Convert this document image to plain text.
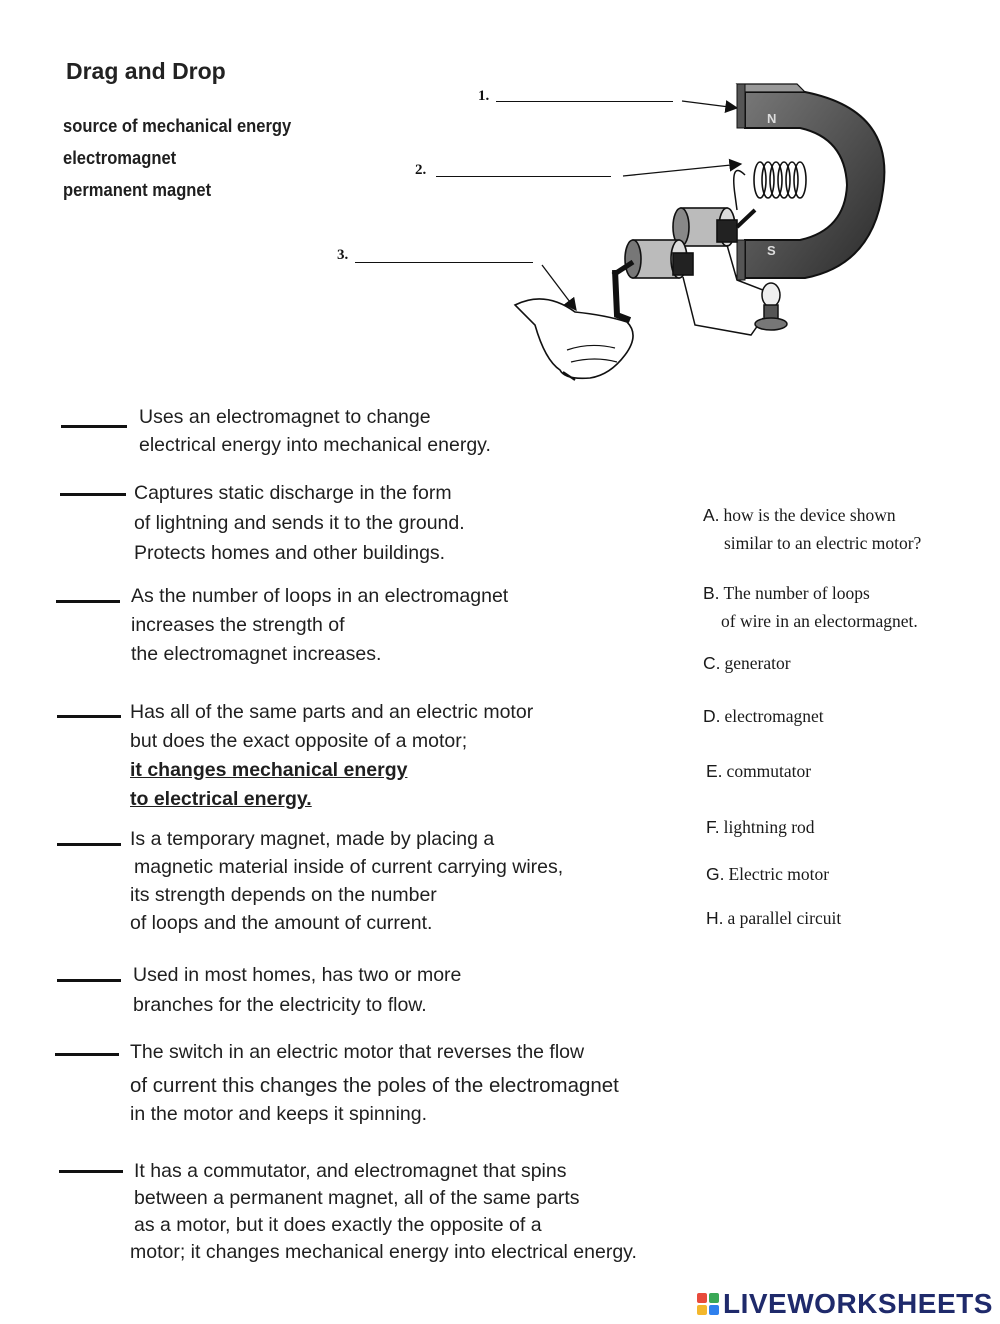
Drag and Drop
source of mechanical energy
electromagnet
permanent magnet
1.
2.
3.
N
S
Uses an electromagnet to change
electrical energy into mechanical energy.
Captures static discharge in the form
of lightning and sends it to the ground.
Protects homes and other buildings.
As the number of loops in an electromagnet
increases the strength of
the electromagnet increases.
Has all of the same parts and an electric motor
but does the exact opposite of a motor;
it changes mechanical energy
to electrical energy.
Is a temporary magnet, made by placing a
magnetic material inside of current carrying wires,
its strength depends on the number
of loops and the amount of current.
Used in most homes, has two or more
branches for the electricity to flow.
The switch in an electric motor that reverses the flow
of current this changes the poles of the electromagnet
in the motor and keeps it spinning.
It has a commutator, and electromagnet that spins
between a permanent magnet, all of the same parts
as a motor, but it does exactly the opposite of a
motor; it changes mechanical energy into electrical energy.
A. how is the device shown
similar to an electric motor?
B. The number of loops
of wire in an electormagnet.
C. generator
D. electromagnet
E. commutator
F. lightning rod
G. Electric motor
H. a parallel circuit
LIVEWORKSHEETS
